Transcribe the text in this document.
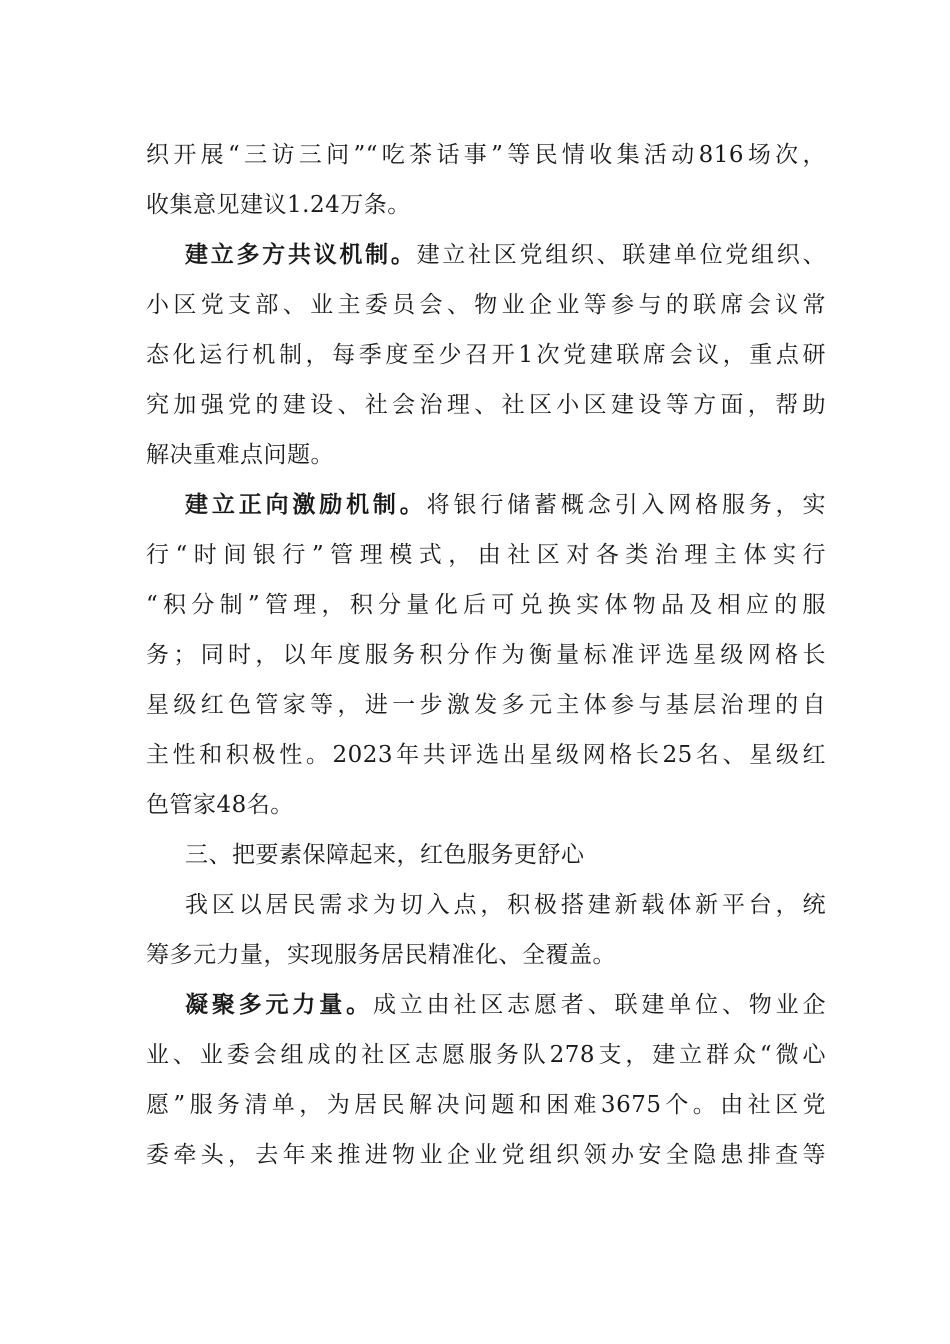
织开展“三访三问”“吃茶话事”等民情收集活动816场次，
收集意见建议1.24万条。
建立多方共议机制。建立社区党组织、联建单位党组织、
小区党支部、业主委员会、物业企业等参与的联席会议常
态化运行机制，每季度至少召开1次党建联席会议，重点研
究加强党的建设、社会治理、社区小区建设等方面，帮助
解决重难点问题。
建立正向激励机制。将银行储蓄概念引入网格服务，实
行“时间银行”管理模式，由社区对各类治理主体实行
“积分制”管理，积分量化后可兑换实体物品及相应的服
务；同时，以年度服务积分作为衡量标准评选星级网格长
星级红色管家等，进一步激发多元主体参与基层治理的自
主性和积极性。2023年共评选出星级网格长25名、星级红
色管家48名。
三、把要素保障起来，红色服务更舒心
我区以居民需求为切入点，积极搭建新载体新平台，统
筹多元力量，实现服务居民精准化、全覆盖。
凝聚多元力量。成立由社区志愿者、联建单位、物业企
业、业委会组成的社区志愿服务队278支，建立群众“微心
愿”服务清单，为居民解决问题和困难3675个。由社区党
委牵头，去年来推进物业企业党组织领办安全隐患排查等
